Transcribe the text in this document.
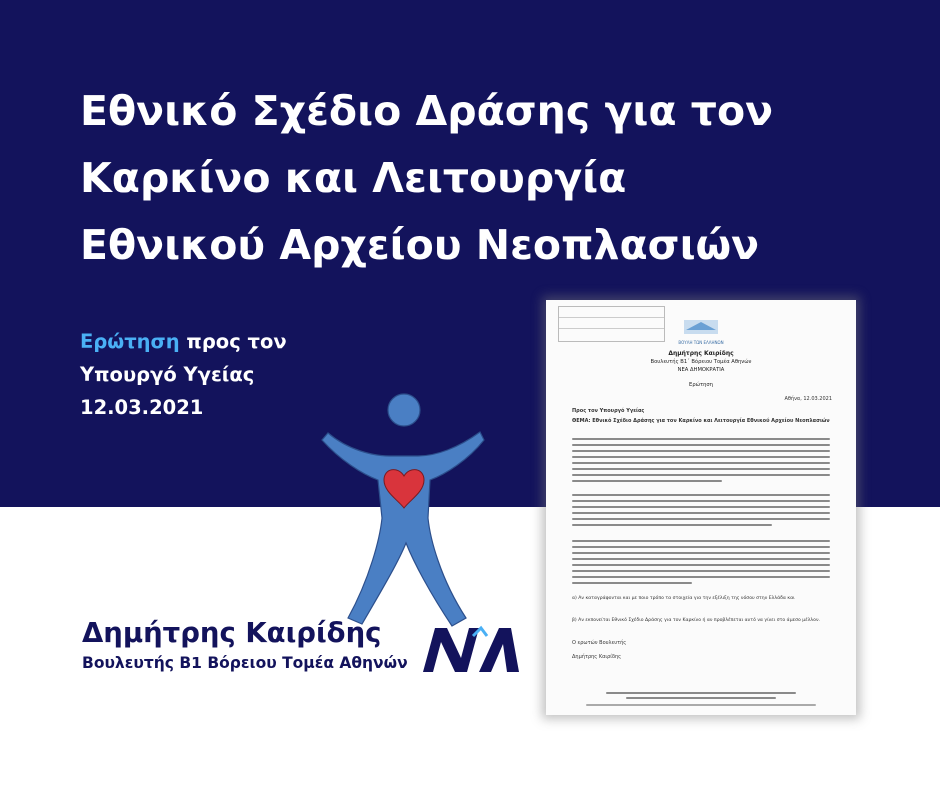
Εθνικό Σχέδιο Δράσης για τον
Καρκίνο και Λειτουργία
Εθνικού Αρχείου Νεοπλασιών
Ερώτηση προς τον
Υπουργό Υγείας
12.03.2021
ΒΟΥΛΗ ΤΩΝ ΕΛΛΗΝΩΝ
Δημήτρης Καιρίδης
Βουλευτής Β1΄ Βόρειου Τομέα Αθηνών
ΝΕΑ ΔΗΜΟΚΡΑΤΙΑ
Ερώτηση
Αθήνα, 12.03.2021
Προς τον Υπουργό Υγείας
ΘΕΜΑ: Εθνικό Σχέδιο Δράσης για τον Καρκίνο και Λειτουργία Εθνικού Αρχείου Νεοπλασιών
α) Αν καταγράφονται και με ποιο τρόπο τα στοιχεία για την εξέλιξη της νόσου στην Ελλάδα και
β) Αν εκπονείται Εθνικό Σχέδιο Δράσης για τον Καρκίνο ή αν προβλέπεται αυτό να γίνει στο άμεσο μέλλον.
Ο ερωτών Βουλευτής
Δημήτρης Καιρίδης
Δημήτρης Καιρίδης
Βουλευτής Β1 Βόρειου Τομέα Αθηνών
